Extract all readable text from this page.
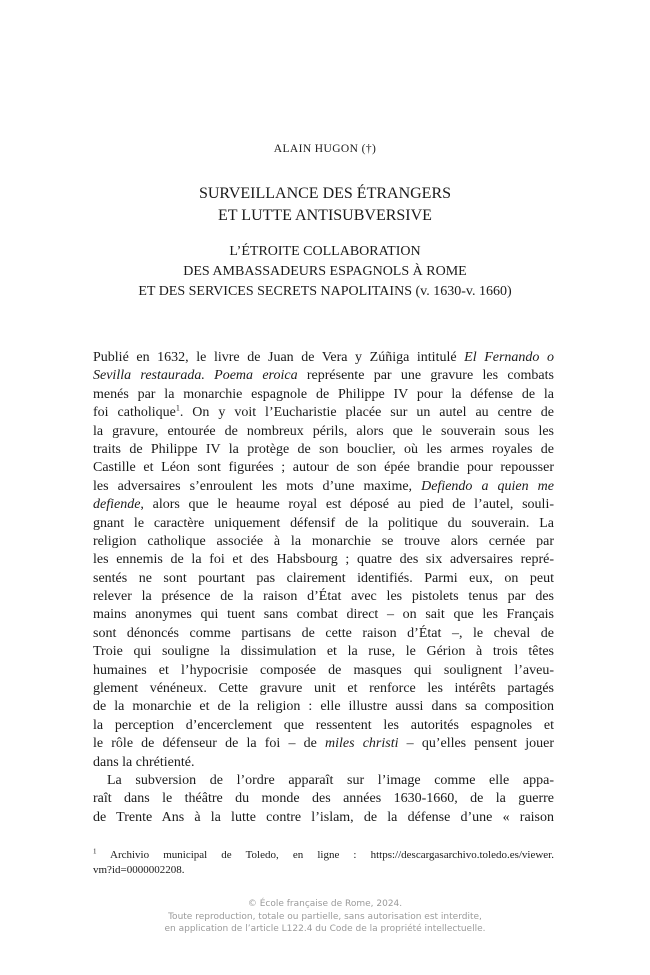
ALAIN HUGON (†)
SURVEILLANCE DES ÉTRANGERS
ET LUTTE ANTISUBVERSIVE
L’ÉTROITE COLLABORATION
DES AMBASSADEURS ESPAGNOLS À ROME
ET DES SERVICES SECRETS NAPOLITAINS (v. 1630-v. 1660)
Publié en 1632, le livre de Juan de Vera y Zúñiga intitulé El Fernando o
Sevilla restaurada. Poema eroica représente par une gravure les combats
menés par la monarchie espagnole de Philippe IV pour la défense de la
foi catholique$^1$. On y voit l’Eucharistie placée sur un autel au centre de
la gravure, entourée de nombreux périls, alors que le souverain sous les
traits de Philippe IV la protège de son bouclier, où les armes royales de
Castille et Léon sont figurées ; autour de son épée brandie pour repousser
les adversaires s’enroulent les mots d’une maxime, Defiendo a quien me
defiende, alors que le heaume royal est déposé au pied de l’autel, souli-
gnant le caractère uniquement défensif de la politique du souverain. La
religion catholique associée à la monarchie se trouve alors cernée par
les ennemis de la foi et des Habsbourg ; quatre des six adversaires repré-
sentés ne sont pourtant pas clairement identifiés. Parmi eux, on peut
relever la présence de la raison d’État avec les pistolets tenus par des
mains anonymes qui tuent sans combat direct – on sait que les Français
sont dénoncés comme partisans de cette raison d’État –, le cheval de
Troie qui souligne la dissimulation et la ruse, le Gérion à trois têtes
humaines et l’hypocrisie composée de masques qui soulignent l’aveu-
glement vénéneux. Cette gravure unit et renforce les intérêts partagés
de la monarchie et de la religion : elle illustre aussi dans sa composition
la perception d’encerclement que ressentent les autorités espagnoles et
le rôle de défenseur de la foi – de miles christi – qu’elles pensent jouer
dans la chrétienté.
La subversion de l’ordre apparaît sur l’image comme elle appa-
raît dans le théâtre du monde des années 1630-1660, de la guerre
de Trente Ans à la lutte contre l’islam, de la défense d’une « raison
$^1$ Archivio municipal de Toledo, en ligne : https://descargasarchivo.toledo.es/viewer.
vm?id=0000002208.
© École française de Rome, 2024.
Toute reproduction, totale ou partielle, sans autorisation est interdite,
en application de l’article L122.4 du Code de la propriété intellectuelle.
